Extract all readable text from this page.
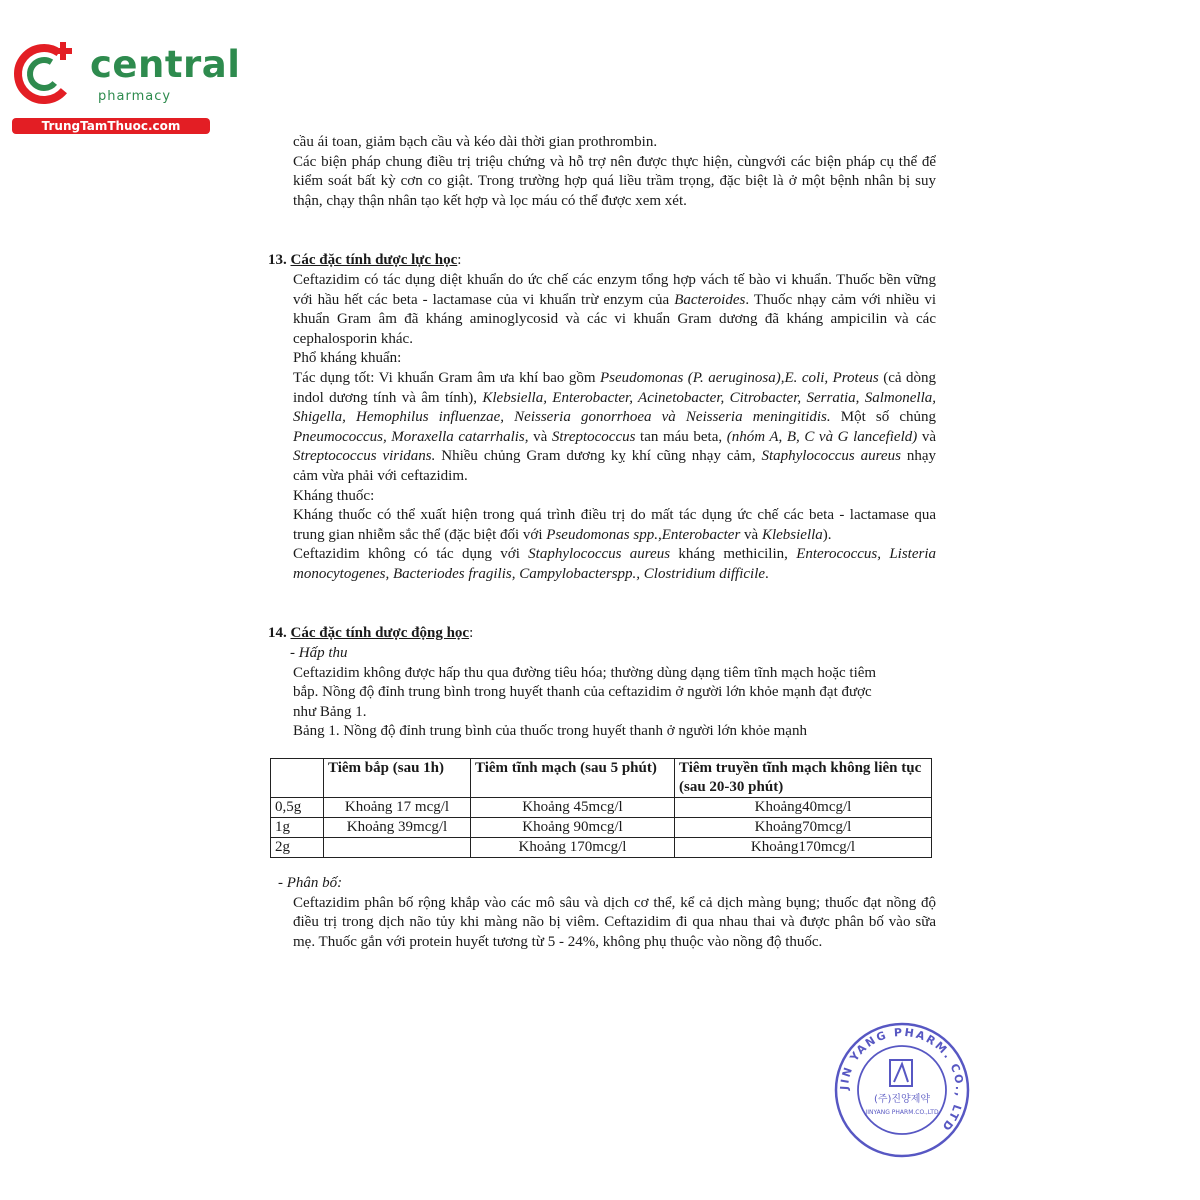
central
pharmacy
TrungTamThuoc.com
cầu ái toan, giảm bạch cầu và kéo dài thời gian prothrombin.
Các biện pháp chung điều trị triệu chứng và hỗ trợ nên được thực hiện, cùngvới các biện pháp cụ thể để kiểm soát bất kỳ cơn co giật. Trong trường hợp quá liều trầm trọng, đặc biệt là ở một bệnh nhân bị suy thận, chạy thận nhân tạo kết hợp và lọc máu có thể được xem xét.
13. Các đặc tính dược lực học:
Ceftazidim có tác dụng diệt khuẩn do ức chế các enzym tổng hợp vách tế bào vi khuẩn. Thuốc bền vững với hầu hết các beta - lactamase của vi khuẩn trừ enzym của Bacteroides. Thuốc nhạy cảm với nhiều vi khuẩn Gram âm đã kháng aminoglycosid và các vi khuẩn Gram dương đã kháng ampicilin và các cephalosporin khác.
Phổ kháng khuẩn:
Tác dụng tốt: Vi khuẩn Gram âm ưa khí bao gồm Pseudomonas (P. aeruginosa),E. coli, Proteus (cả dòng indol dương tính và âm tính), Klebsiella, Enterobacter, Acinetobacter, Citrobacter, Serratia, Salmonella, Shigella, Hemophilus influenzae, Neisseria gonorrhoea và Neisseria meningitidis. Một số chủng Pneumococcus, Moraxella catarrhalis, và Streptococcus tan máu beta, (nhóm A, B, C và G lancefield) và Streptococcus viridans. Nhiều chủng Gram dương kỵ khí cũng nhạy cảm, Staphylococcus aureus nhạy cảm vừa phải với ceftazidim.
Kháng thuốc:
Kháng thuốc có thể xuất hiện trong quá trình điều trị do mất tác dụng ức chế các beta - lactamase qua trung gian nhiễm sắc thể (đặc biệt đối với Pseudomonas spp.,Enterobacter và Klebsiella).
Ceftazidim không có tác dụng với Staphylococcus aureus kháng methicilin, Enterococcus, Listeria monocytogenes, Bacteriodes fragilis, Campylobacterspp., Clostridium difficile.
14. Các đặc tính dược động học:
- Hấp thu
Ceftazidim không được hấp thu qua đường tiêu hóa; thường dùng dạng tiêm tĩnh mạch hoặc tiêm
bắp. Nồng độ đỉnh trung bình trong huyết thanh của ceftazidim ở người lớn khỏe mạnh đạt được
như Bảng 1.
Bảng 1. Nồng độ đỉnh trung bình của thuốc trong huyết thanh ở người lớn khỏe mạnh
	Tiêm bắp (sau 1h)	Tiêm tĩnh mạch (sau 5 phút)	Tiêm truyền tĩnh mạch không liên tục (sau 20-30 phút)
0,5g	Khoảng 17 mcg/l	Khoảng 45mcg/l	Khoảng40mcg/l
1g	Khoảng 39mcg/l	Khoảng 90mcg/l	Khoảng70mcg/l
2g		Khoảng 170mcg/l	Khoảng170mcg/l
- Phân bố:
Ceftazidim phân bố rộng khắp vào các mô sâu và dịch cơ thể, kể cả dịch màng bụng; thuốc đạt nồng độ điều trị trong dịch não tủy khi màng não bị viêm. Ceftazidim đi qua nhau thai và được phân bố vào sữa mẹ. Thuốc gắn với protein huyết tương từ 5 - 24%, không phụ thuộc vào nồng độ thuốc.
JIN YANG PHARM. CO., LTD
(주)진양제약
JINYANG PHARM.CO.,LTD
